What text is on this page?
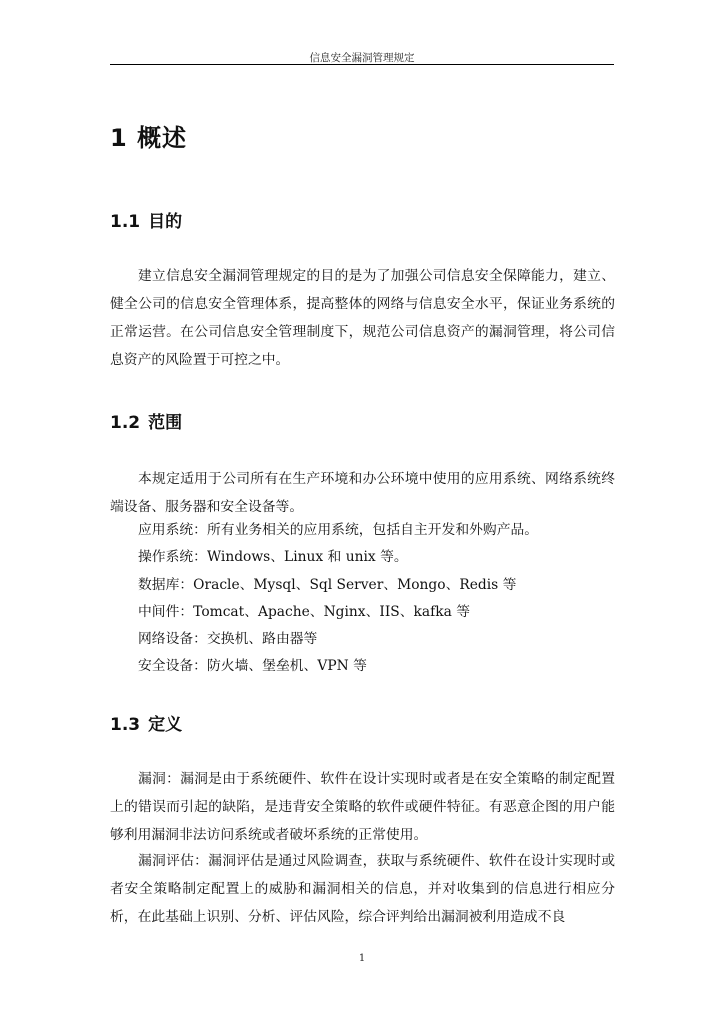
信息安全漏洞管理规定
1 概述
1.1 目的

建立信息安全漏洞管理规定的目的是为了加强公司信息安全保障能力，建立、健全公司的信息安全管理体系，提高整体的网络与信息安全水平，保证业务系统的正常运营。在公司信息安全管理制度下，规范公司信息资产的漏洞管理，将公司信息资产的风险置于可控之中。

1.2 范围

本规定适用于公司所有在生产环境和办公环境中使用的应用系统、网络系统终端设备、服务器和安全设备等。

应用系统：所有业务相关的应用系统，包括自主开发和外购产品。
操作系统：Windows、Linux 和 unix 等。
数据库：Oracle、Mysql、Sql Server、Mongo、Redis 等
中间件：Tomcat、Apache、Nginx、IIS、kafka 等
网络设备：交换机、路由器等
安全设备：防火墙、堡垒机、VPN 等
1.3 定义

漏洞：漏洞是由于系统硬件、软件在设计实现时或者是在安全策略的制定配置上的错误而引起的缺陷，是违背安全策略的软件或硬件特征。有恶意企图的用户能够利用漏洞非法访问系统或者破坏系统的正常使用。

漏洞评估：漏洞评估是通过风险调查，获取与系统硬件、软件在设计实现时或者安全策略制定配置上的威胁和漏洞相关的信息，并对收集到的信息进行相应分析，在此基础上识别、分析、评估风险，综合评判给出漏洞被利用造成不良

1
